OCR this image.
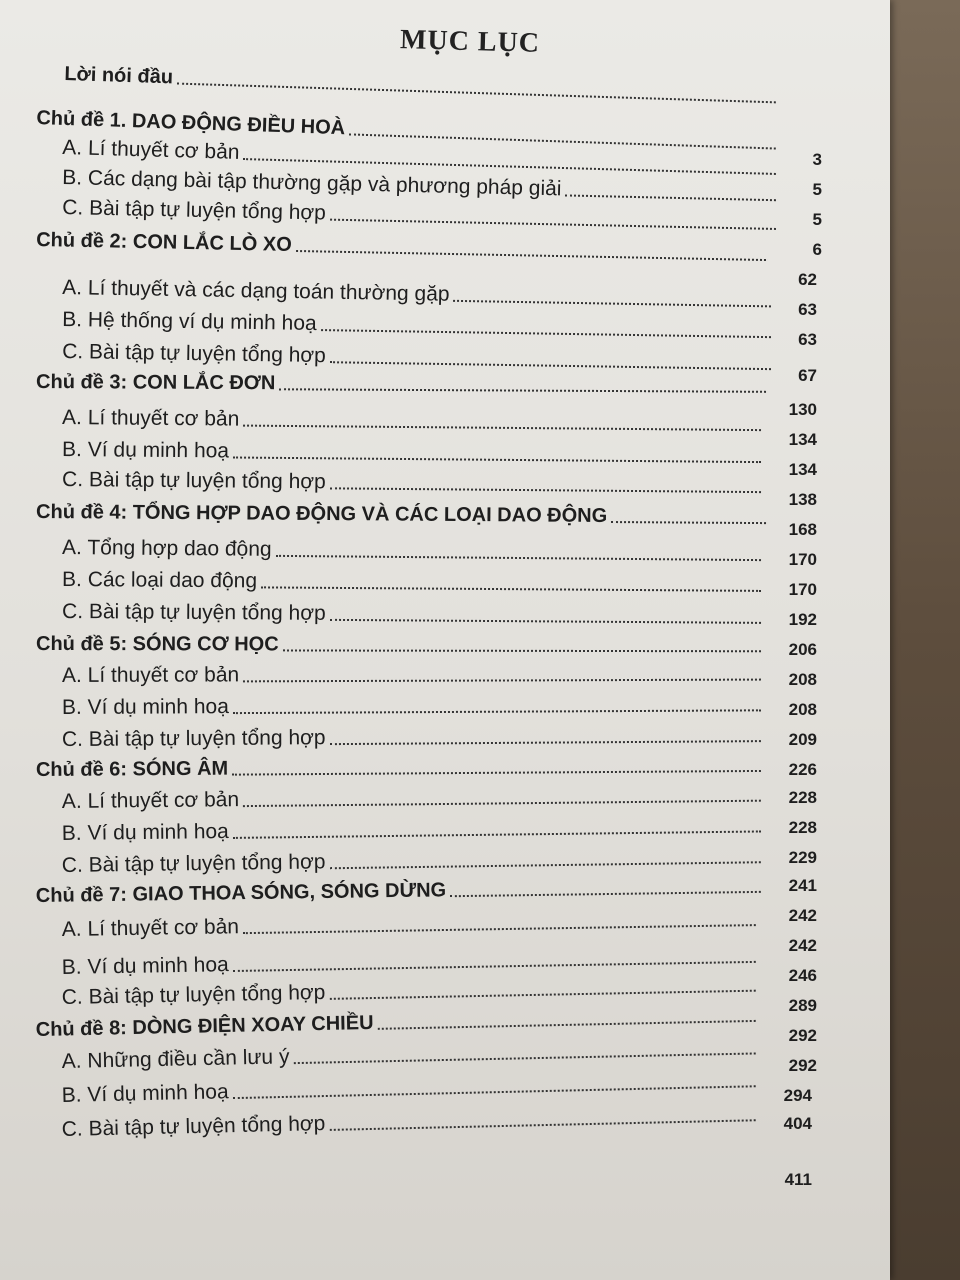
MỤC LỤC
Lời nói đầu
Chủ đề 1. DAO ĐỘNG ĐIỀU HOÀ
A. Lí thuyết cơ bản
B. Các dạng bài tập thường gặp và phương pháp giải
C. Bài tập tự luyện tổng hợp
Chủ đề 2: CON LẮC LÒ XO
A. Lí thuyết và các dạng toán thường gặp
B. Hệ thống ví dụ minh hoạ
C. Bài tập tự luyện tổng hợp
Chủ đề 3: CON LẮC ĐƠN
A. Lí thuyết cơ bản
B. Ví dụ minh hoạ
C. Bài tập tự luyện tổng hợp
Chủ đề 4: TỔNG HỢP DAO ĐỘNG VÀ CÁC LOẠI DAO ĐỘNG
A. Tổng hợp dao động
B. Các loại dao động
C. Bài tập tự luyện tổng hợp
Chủ đề 5: SÓNG CƠ HỌC
A. Lí thuyết cơ bản
B. Ví dụ minh hoạ
C. Bài tập tự luyện tổng hợp
Chủ đề 6: SÓNG ÂM
A. Lí thuyết cơ bản
B. Ví dụ minh hoạ
C. Bài tập tự luyện tổng hợp
Chủ đề 7: GIAO THOA SÓNG, SÓNG DỪNG
A. Lí thuyết cơ bản
B. Ví dụ minh hoạ
C. Bài tập tự luyện tổng hợp
Chủ đề 8: DÒNG ĐIỆN XOAY CHIỀU
A. Những điều cần lưu ý
B. Ví dụ minh hoạ
C. Bài tập tự luyện tổng hợp
3
5
5
6
62
63
63
67
130
134
134
138
168
170
170
192
206
208
208
209
226
228
228
229
241
242
242
246
289
292
292
294
404
411
